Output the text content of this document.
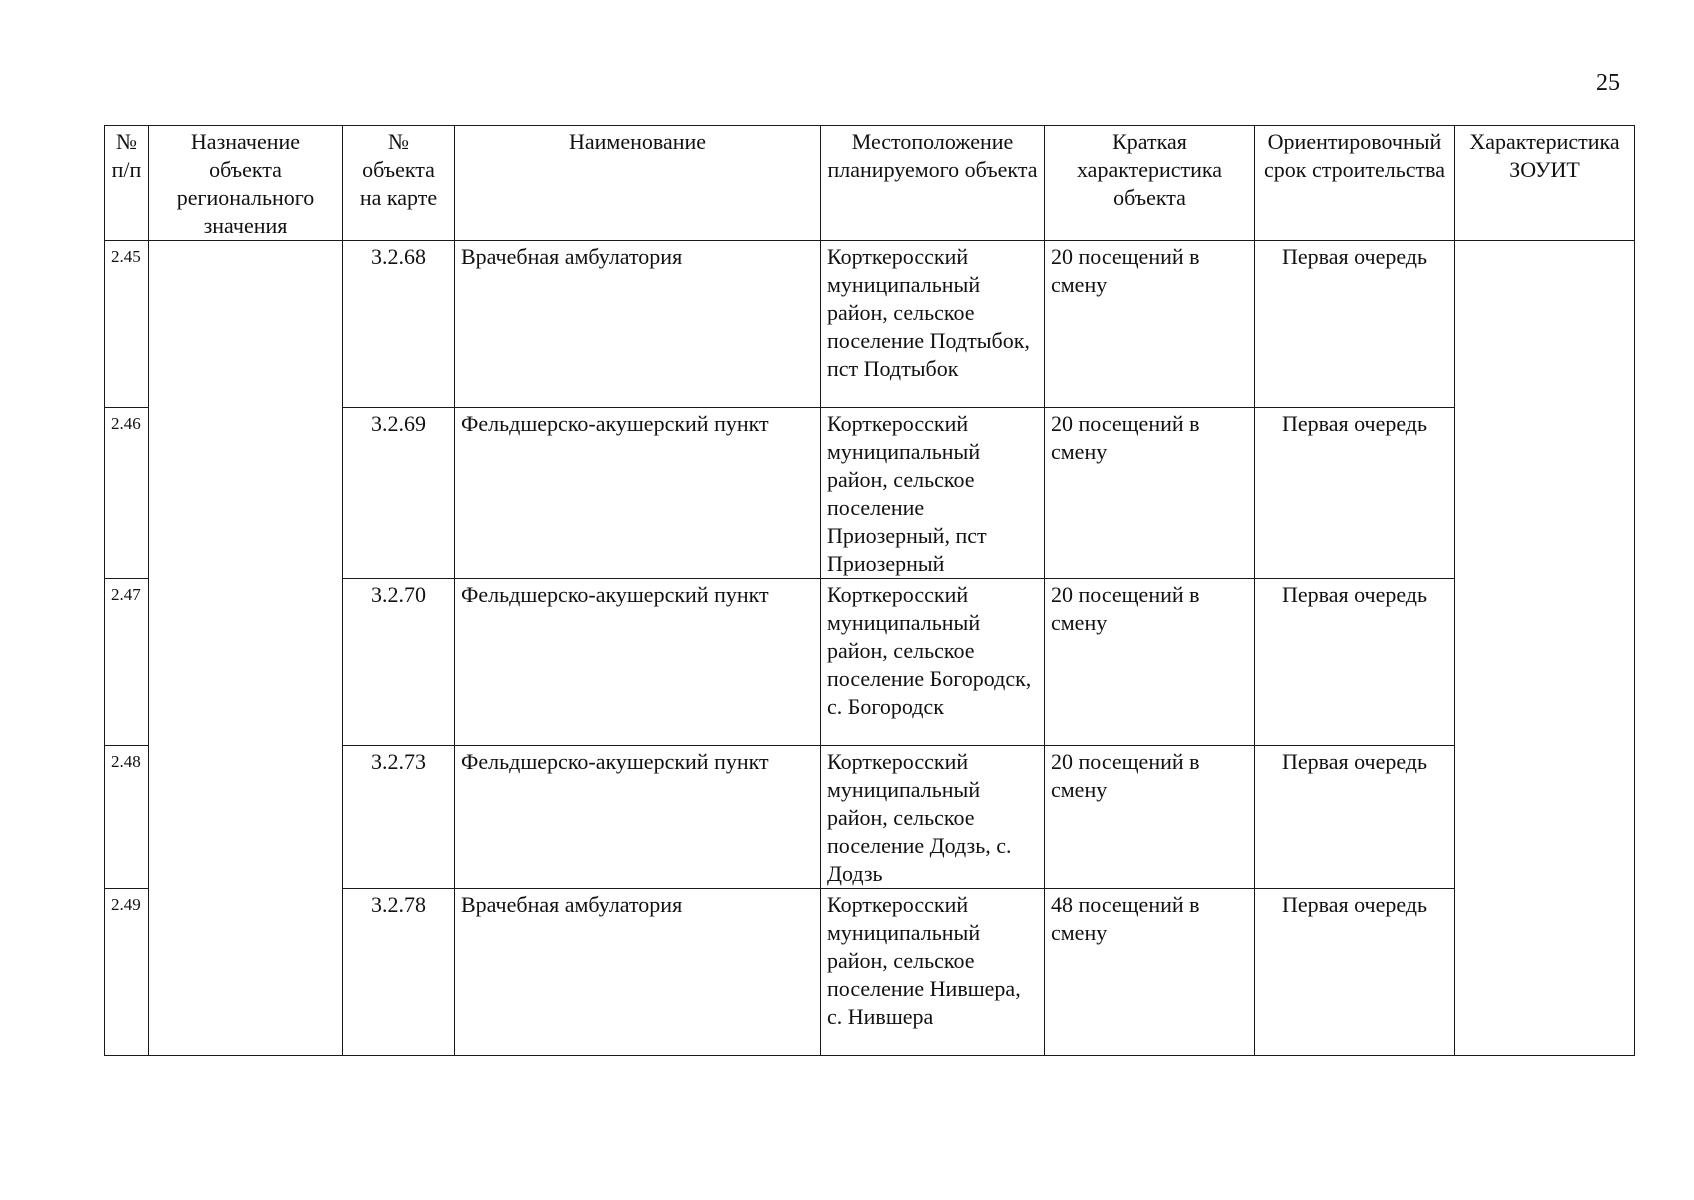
25
№ п/п	Назначение объекта регионального значения	№ объекта на карте	Наименование	Местоположение планируемого объекта	Краткая характеристика объекта	Ориентировочный срок строительства	Характеристика ЗОУИТ
2.45		3.2.68	Врачебная амбулатория	Корткеросский муниципальный район, сельское поселение Подтыбок, пст Подтыбок	20 посещений в смену	Первая очередь	
2.46		3.2.69	Фельдшерско-акушерский пункт	Корткеросский муниципальный район, сельское поселение Приозерный, пст Приозерный	20 посещений в смену	Первая очередь	
2.47		3.2.70	Фельдшерско-акушерский пункт	Корткеросский муниципальный район, сельское поселение Богородск, с. Богородск	20 посещений в смену	Первая очередь	
2.48		3.2.73	Фельдшерско-акушерский пункт	Корткеросский муниципальный район, сельское поселение Додзь, с. Додзь	20 посещений в смену	Первая очередь	
2.49		3.2.78	Врачебная амбулатория	Корткеросский муниципальный район, сельское поселение Нившера, с. Нившера	48 посещений в смену	Первая очередь	
